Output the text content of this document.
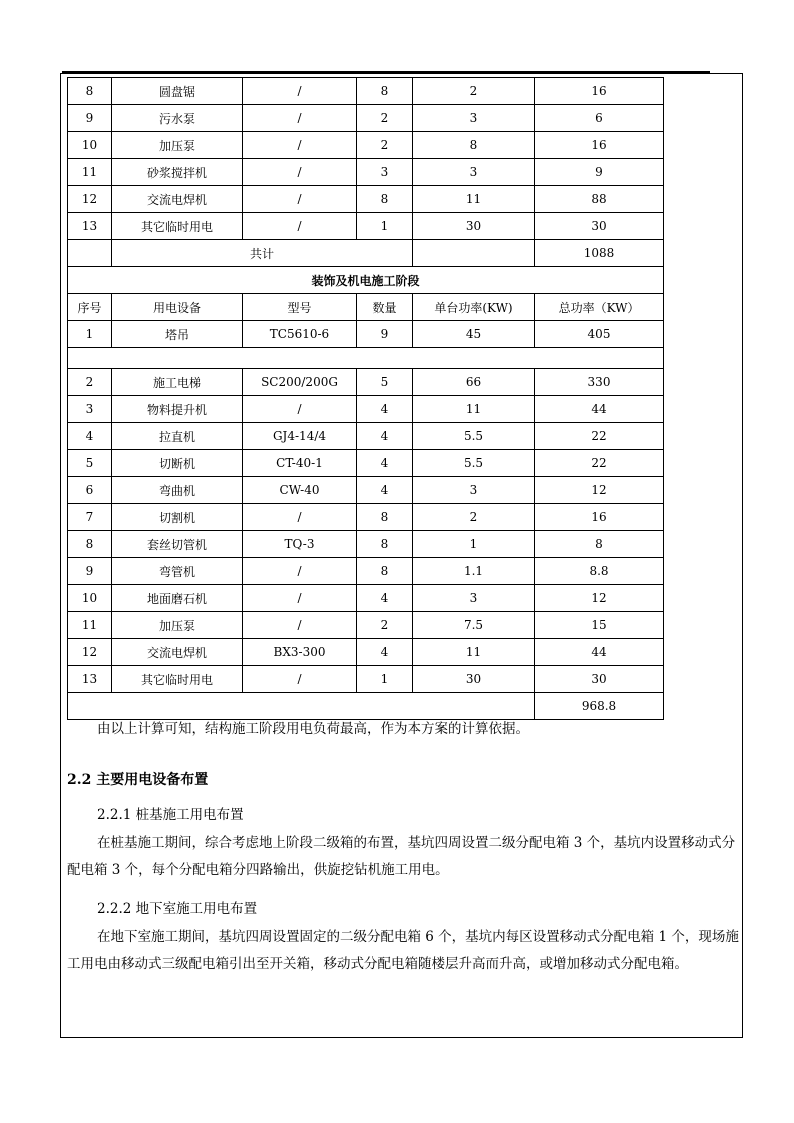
8	圆盘锯	/	8	2	16
9	污水泵	/	2	3	6
10	加压泵	/	2	8	16
11	砂浆搅拌机	/	3	3	9
12	交流电焊机	/	8	11	88
13	其它临时用电	/	1	30	30
	共计				1088
装饰及机电施工阶段					
序号	用电设备	型号	数量	单台功率(KW)	总功率（KW）
1	塔吊	TC5610-6	9	45	405

2	施工电梯	SC200/200G	5	66	330
3	物料提升机	/	4	11	44
4	拉直机	GJ4-14/4	4	5.5	22
5	切断机	CT-40-1	4	5.5	22
6	弯曲机	CW-40	4	3	12
7	切割机	/	8	2	16
8	套丝切管机	TQ-3	8	1	8
9	弯管机	/	8	1.1	8.8
10	地面磨石机	/	4	3	12
11	加压泵	/	2	7.5	15
12	交流电焊机	BX3-300	4	11	44
13	其它临时用电	/	1	30	30
					968.8

由以上计算可知，结构施工阶段用电负荷最高，作为本方案的计算依据。

2.2 主要用电设备布置

2.2.1 桩基施工用电布置

在桩基施工期间，综合考虑地上阶段二级箱的布置，基坑四周设置二级分配电箱 3 个，基坑内设置移动式分配电箱 3 个，每个分配电箱分四路输出，供旋挖钻机施工用电。

2.2.2 地下室施工用电布置

在地下室施工期间，基坑四周设置固定的二级分配电箱 6 个，基坑内每区设置移动式分配电箱 1 个，现场施工用电由移动式三级配电箱引出至开关箱，移动式分配电箱随楼层升高而升高，或增加移动式分配电箱。
